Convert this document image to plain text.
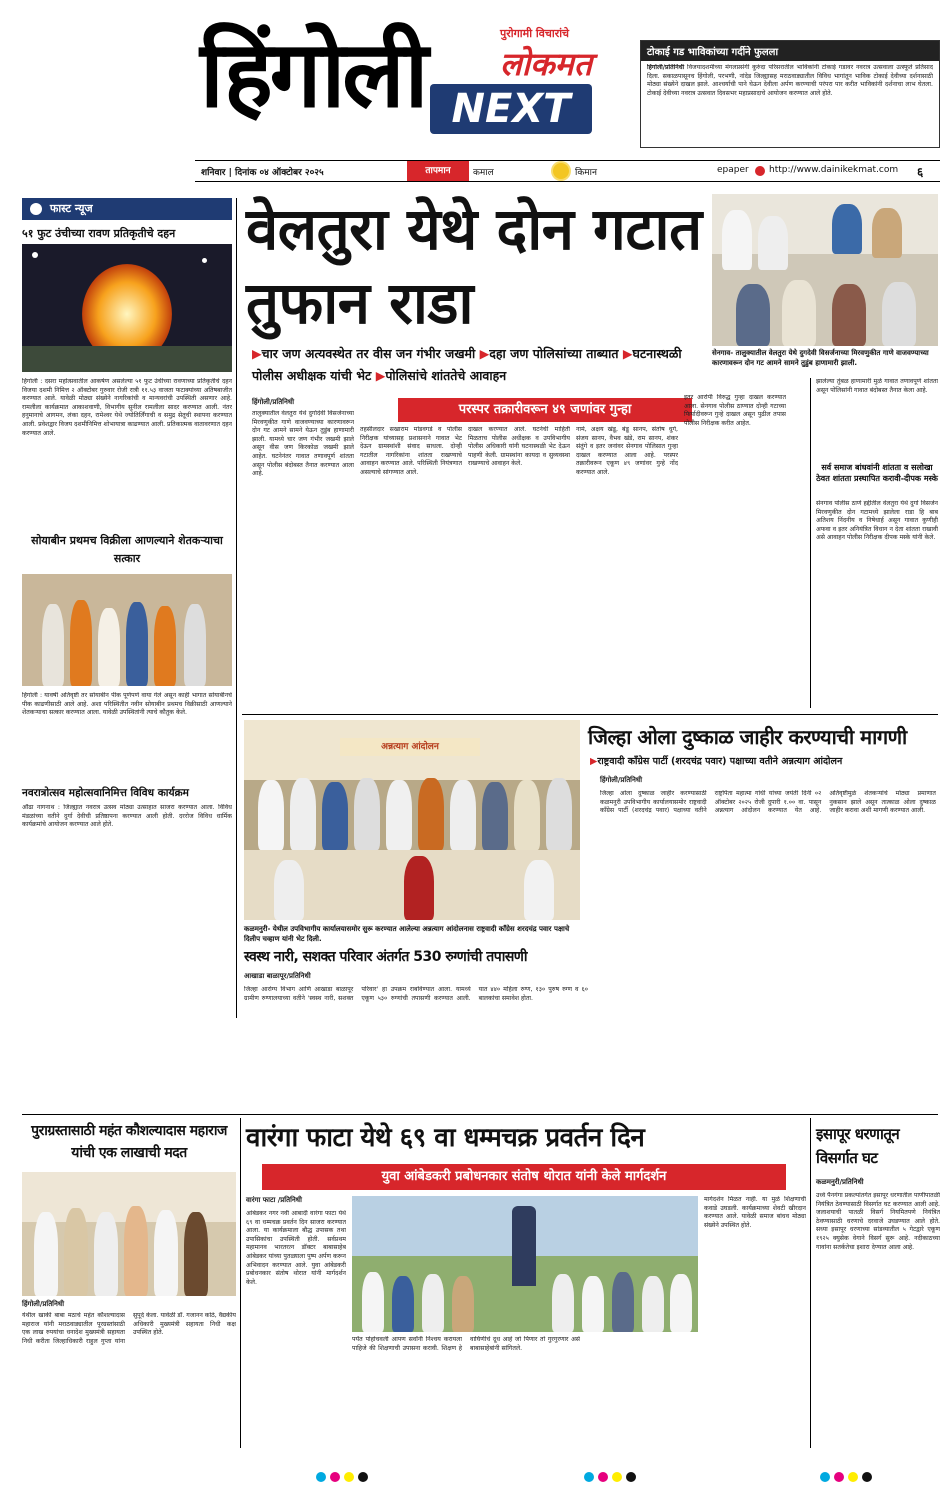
हिंगोली	पुरोगामी विचारांचे
लोकमत
NEXT
टोकाई गड भाविकांच्या गर्दीने फुलला
हिंगोली/प्रतिनिधी विजयादशमीच्या मंगलप्रसंगी कुरुंदा परिसरातील भाविकांनी टोकाई गडावर नवरात्र उत्सवाला उत्स्फूर्त प्रतिसाद दिला. सकाळपासूनच हिंगोली, परभणी, नांदेड जिल्ह्यासह मराठवाड्यातील विविध भागांतून भाविक टोकाई देवीच्या दर्शनासाठी मोठ्या संख्येने दाखल झाले. आश्चर्याची पाने घेऊन देवीला अर्पण करण्याची परंपरा पार करीत भाविकांनी दर्शनाचा लाभ घेतला. टोकाई देवीच्या नवरात्र उत्सवात दिवसभर महाप्रसादाचे आयोजन करण्यात आले होते.
शनिवार | दिनांक ०४ ऑक्टोबर २०२५	तापमान	कमाल	किमान	epaper http://www.dainikekmat.com ६
फास्ट न्यूज
५१ फुट उंचीच्या रावण प्रतिकृतीचे दहन
हिंगोली : दसरा महोत्सवातील आकर्षण असलेल्या ५१ फुट उंचीच्या रावणाच्या प्रतिकृतीचे दहन विजया दशमी निमित्त २ ऑक्टोबर गुरुवार रोजी रात्री ११.५३ वाजता फटाक्यांच्या अतिषबाजीत करण्यात आले. यावेळी मोठ्या संख्येने नागरिकांची व मान्यवरांची उपस्थिती असणार आहे. रामलीला कार्यक्रमात आकाशवाणी, विभागीय सुनील रामलीला सादर करण्यात आली. नंतर हनुमानाचे आगमन, लंका दहन, रामेश्वर येथे ज्योतिर्लिंगाची व समुद्र सेतूची स्थापना करण्यात आली. प्रवेशद्वार विजय दशमीनिमित्त शोभायात्रा काढण्यात आली. प्रतिकात्मक वातावरणात दहन करण्यात आले.
सोयाबीन प्रथमच विक्रीला आणल्याने शेतकऱ्याचा सत्कार
हिंगोली : यावर्षी अतिवृष्टी तर सोयाबीन पीक पूर्णपणे वाया गेले असून काही भागात सोयाबीनचे पीक काढणीसाठी आले आहे. अशा परिस्थितीत नवीन सोयाबीन प्रथमच विक्रीसाठी आणल्याने शेतकऱ्याचा सत्कार करण्यात आला. यावेळी उपस्थितांनी त्याचे कौतुक केले.
नवरात्रोत्सव महोत्सवानिमित्त विविध कार्यक्रम
औंढा नागनाथ : जिल्ह्यात नवरात्र उत्सव मोठ्या उत्साहात साजरा करण्यात आला. विविध मंडळांच्या वतीने दुर्गा देवीची प्रतिष्ठापना करण्यात आली होती. दररोज विविध धार्मिक कार्यक्रमांचे आयोजन करण्यात आले होते.
वेलतुरा येथे दोन गटात तुफान राडा
सेनगाव- तालुक्यातील वेलतुरा येथे दुगदेवी विसर्जनाच्या मिरवणुकीत गाणे वाजवण्याच्या कारणावरून दोन गट आमने सामने तुडुंब हाणामारी झाली.
▶चार जण अत्यवस्थेत तर वीस जन गंभीर जखमी ▶दहा जण पोलिसांच्या ताब्यात ▶घटनास्थळी पोलीस अधीक्षक यांची भेट ▶पोलिसांचे शांततेचे आवाहन
परस्पर तक्रारीवरून ४९ जणांवर गुन्हा
हिंगोली/प्रतिनिधी
तालुक्यातील वेलतुरा येथे दुर्गादेवी विसर्जनाच्या मिरवणुकीत गाणे वाजवण्याच्या कारणावरून दोन गट आमने सामने येऊन तुडुंब हाणामारी झाली. यामध्ये चार जण गंभीर जखमी झाले असून वीस जण किरकोळ जखमी झाले आहेत. घटनेनंतर गावात तणावपूर्ण शांतता असून पोलीस बंदोबस्त तैनात करण्यात आला आहे.
तहसीलदार सखाराम मांडवगडे व पोलीस निरीक्षक यांच्यासह प्रशासनाने गावात भेट देऊन ग्रामस्थांशी संवाद साधला. दोन्ही गटातील नागरिकांना शांतता राखण्याचे आवाहन करण्यात आले. परिस्थिती नियंत्रणात असल्याचे सांगण्यात आले.
दाखल करण्यात आले. घटनेची माहिती मिळताच पोलीस अधीक्षक व उपविभागीय पोलीस अधिकारी यांनी घटनास्थळी भेट देऊन पाहणी केली. ग्रामस्थांना कायदा व सुव्यवस्था राखण्याचे आवाहन केले.
नामे, अक्षय खंडू, बंडू सानप, संतोष धुगे, संजय सानप, वैभव खंडे, राम सानप, शंकर संतुंगे व इतर जनांवर सेनगाव पोलिसात गुन्हा दाखल करण्यात आला आहे. परस्पर तक्रारीवरून एकूण ४९ जणांवर गुन्हे नोंद करण्यात आले.
इतर आरोपी विरुद्ध गुन्हा दाखल करण्यात आला. सेनगाव पोलीस ठाण्यात दोन्ही गटाच्या फिर्यादीवरून गुन्हे दाखल असून पुढील तपास पोलीस निरीक्षक करीत आहेत.
झालेल्या तुंबळ हाणामारी मुळे गावात तणावपूर्ण शांतता असून पोलिसांनी गावात बंदोबस्त तैनात केला आहे.
सर्व समाज बांधवांनी शांतता व सलोखा ठेवत शांतता प्रस्थापित करावी-दीपक मस्के
सेनगाव पोलीस ठाणे हद्दीतील वेलतुरा येथे दुर्गा विसर्जन मिरवणुकीत दोन गटामध्ये झालेला राडा हि बाब अतिशय निंदनीय व निषेधार्ह असून गावात कुणीही अफवा व इतर अनियंत्रित विधान न देता शांतता राखावी असे आवाहन पोलीस निरीक्षक दीपक मस्के यांनी केले.
अन्नत्याग आंदोलन
कळमनुरी- येथील उपविभागीय कार्यालयासमोर सुरू करण्यात आलेल्या अन्नत्याग आंदोलनास राष्ट्रवादी कॉंग्रेस शरदचंद्र पवार पक्षाचे दिलीप चव्हाण यांनी भेट दिली.
जिल्हा ओला दुष्काळ जाहीर करण्याची मागणी
▶राष्ट्रवादी कॉंग्रेस पार्टी (शरदचंद्र पवार) पक्षाच्या वतीने अन्नत्याग आंदोलन
हिंगोली/प्रतिनिधी
जिल्हा ओला दुष्काळ जाहीर करण्यासाठी कळमनुरी उपविभागीय कार्यालयासमोर राष्ट्रवादी कॉंग्रेस पार्टी (शरदचंद्र पवार) पक्षाच्या वतीने राष्ट्रपिता महात्मा गांधी यांच्या जयंती दिनी ०२ ऑक्टोबर २०२५ रोजी दुपारी १.०० वा. पासून अन्नत्याग आंदोलन करण्यात येत आहे. अतिवृष्टीमुळे शेतकऱ्यांचे मोठ्या प्रमाणात नुकसान झाले असून तात्काळ ओला दुष्काळ जाहीर करावा अशी मागणी करण्यात आली.
स्वस्थ नारी, सशक्त परिवार अंतर्गत 530 रुग्णांची तपासणी
आखाडा बाळापूर/प्रतिनिधी
जिल्हा आरोग्य विभाग आणि आखाडा बाळापूर ग्रामीण रुग्णालयाच्या वतीने 'स्वस्थ नारी, सशक्त परिवार' हा उपक्रम राबविण्यात आला. यामध्ये एकूण ५३० रुग्णांची तपासणी करण्यात आली. यात ४४० महिला रुग्ण, १३० पुरुष रुग्ण व ६० बालकांचा समावेश होता.
पुराग्रस्तासाठी महंत कौशल्यादास महाराज यांची एक लाखाची मदत
हिंगोली/प्रतिनिधी
येथील खाकी बाबा मठाचे महंत कौशल्यादास महाराज यांनी मराठवाड्यातील पूरग्रस्तांसाठी एक लाख रुपयांचा धनादेश मुख्यमंत्री सहायता निधी करीता जिल्हाधिकारी राहुल गुप्ता यांना सुपूर्द केला. यावेळी डॉ. गजानन कोठे, वैद्यकीय अधिकारी मुख्यमंत्री सहायता निधी कक्ष उपस्थित होते.
वारंगा फाटा येथे ६९ वा धम्मचक्र प्रवर्तन दिन
युवा आंबेडकरी प्रबोधनकार संतोष थोरात यांनी केले मार्गदर्शन
वारंगा फाटा /प्रतिनिधी
आंबेडकर नगर नवी आबादी वारंगा फाटा येथे ६९ वा धम्मचक्र प्रवर्तन दिन साजरा करण्यात आला. या कार्यक्रमाला बौद्ध उपासक तथा उपासिकांचा उपस्थिती होती. सर्वप्रथम महामानव भारतरत्न डॉक्टर बाबासाहेब आंबेडकर यांच्या पुतळ्याला पुष्प अर्पण करून अभिवादन करण्यात आले. युवा आंबेडकरी प्रबोधनकार संतोष थोरात यांनी मार्गदर्शन केले.
पर्यंत पोहोचवली आपण सर्वांनी निश्चय करायला पाहिजे की शिक्षणाची उपासना करावी. शिक्षण हे वाघिणीचे दूध आहे जो पिणार तो गुरगुरणार असे बाबासाहेबांनी सांगितले.
मार्गदर्शन मिळत नाही. या मुळे शिक्षणाची कवाडे उघडली. कार्यक्रमाच्या शेवटी खीरदान करण्यात आले. यावेळी समाज बांधव मोठ्या संख्येने उपस्थित होते.
इसापूर धरणातून विसर्गात घट
कळमनुरी/प्रतिनिधी
उर्ध्व पैनगंगा प्रकल्पांतर्गत इसापूर धरणातील पाणीपातळी नियंत्रित ठेवण्यासाठी विसर्गात घट करण्यात आली आहे. जलाशयाची पातळी विसर्ग नियमितपणे नियंत्रित ठेवण्यासाठी धरणाचे दरवाजे उघडण्यात आले होते. सध्या इसापूर धरणाच्या सांडव्यातील ५ गेटद्वारे एकूण १९२५ क्युसेक वेगाने विसर्ग सुरू आहे. नदीकाठच्या गावांना सतर्कतेचा इशारा देण्यात आला आहे.
